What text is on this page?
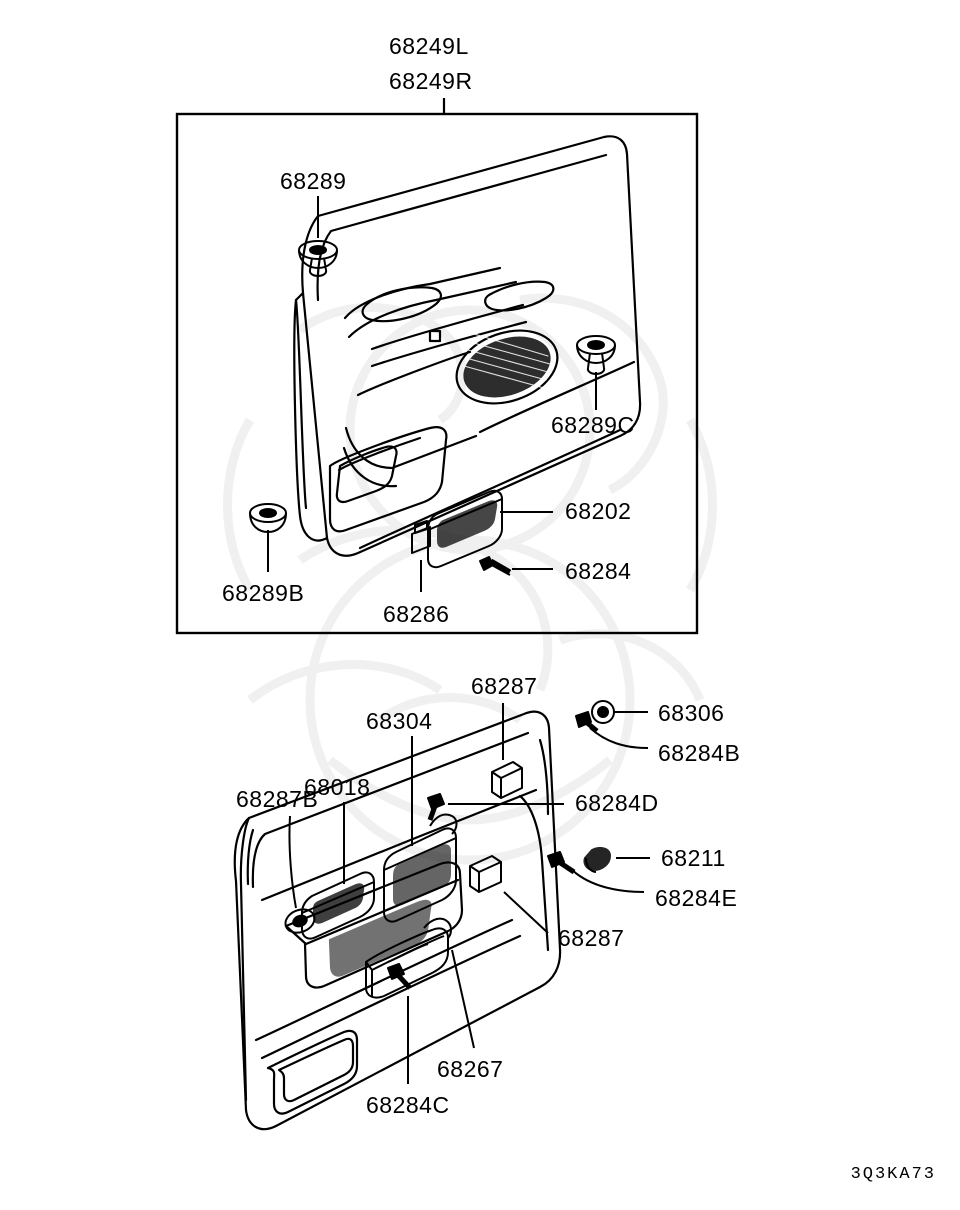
68249L
68249R
68289
68289C
68202
68284
68286
68289B
68287
68306
68284B
68304
68018
68284D
68287B
68211
68284E
68287
68267
68284C
3Q3KA73
